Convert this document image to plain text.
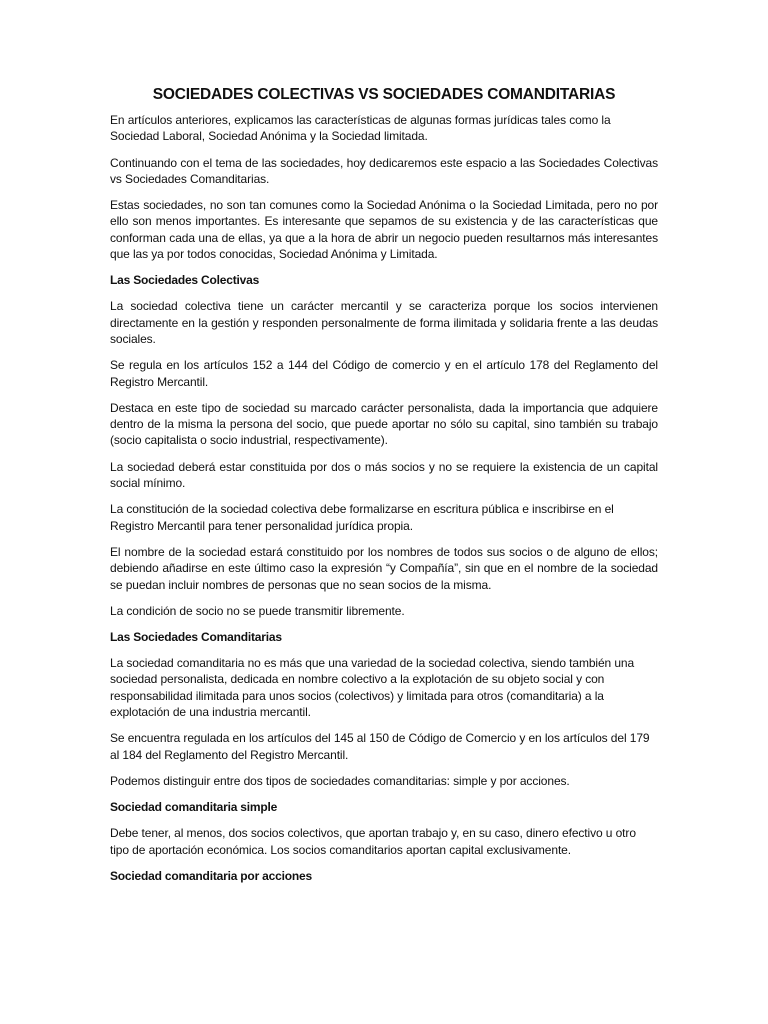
SOCIEDADES COLECTIVAS VS SOCIEDADES COMANDITARIAS

En artículos anteriores, explicamos las características de algunas formas jurídicas tales como la Sociedad Laboral, Sociedad Anónima y la Sociedad limitada.

Continuando con el tema de las sociedades, hoy dedicaremos este espacio a las Sociedades Colectivas vs Sociedades Comanditarias.

Estas sociedades, no son tan comunes como la Sociedad Anónima o la Sociedad Limitada, pero no por ello son menos importantes. Es interesante que sepamos de su existencia y de las características que conforman cada una de ellas, ya que a la hora de abrir un negocio pueden resultarnos más interesantes que las ya por todos conocidas, Sociedad Anónima y Limitada.

Las Sociedades Colectivas

La sociedad colectiva tiene un carácter mercantil y se caracteriza porque los socios intervienen directamente en la gestión y responden personalmente de forma ilimitada y solidaria frente a las deudas sociales.

Se regula en los artículos 152 a 144 del Código de comercio y en el artículo 178 del Reglamento del Registro Mercantil.

Destaca en este tipo de sociedad su marcado carácter personalista, dada la importancia que adquiere dentro de la misma la persona del socio, que puede aportar no sólo su capital, sino también su trabajo (socio capitalista o socio industrial, respectivamente).

La sociedad deberá estar constituida por dos o más socios y no se requiere la existencia de un capital social mínimo.

La constitución de la sociedad colectiva debe formalizarse en escritura pública e inscribirse en el Registro Mercantil para tener personalidad jurídica propia.

El nombre de la sociedad estará constituido por los nombres de todos sus socios o de alguno de ellos; debiendo añadirse en este último caso la expresión “y Compañía”, sin que en el nombre de la sociedad se puedan incluir nombres de personas que no sean socios de la misma.

La condición de socio no se puede transmitir libremente.

Las Sociedades Comanditarias

La sociedad comanditaria no es más que una variedad de la sociedad colectiva, siendo también una sociedad personalista, dedicada en nombre colectivo a la explotación de su objeto social y con responsabilidad ilimitada para unos socios (colectivos) y limitada para otros (comanditaria) a la explotación de una industria mercantil.

Se encuentra regulada en los artículos del 145 al 150 de Código de Comercio y en los artículos del 179 al 184 del Reglamento del Registro Mercantil.

Podemos distinguir entre dos tipos de sociedades comanditarias: simple y por acciones.

Sociedad comanditaria simple

Debe tener, al menos, dos socios colectivos, que aportan trabajo y, en su caso, dinero efectivo u otro tipo de aportación económica. Los socios comanditarios aportan capital exclusivamente.

Sociedad comanditaria por acciones
